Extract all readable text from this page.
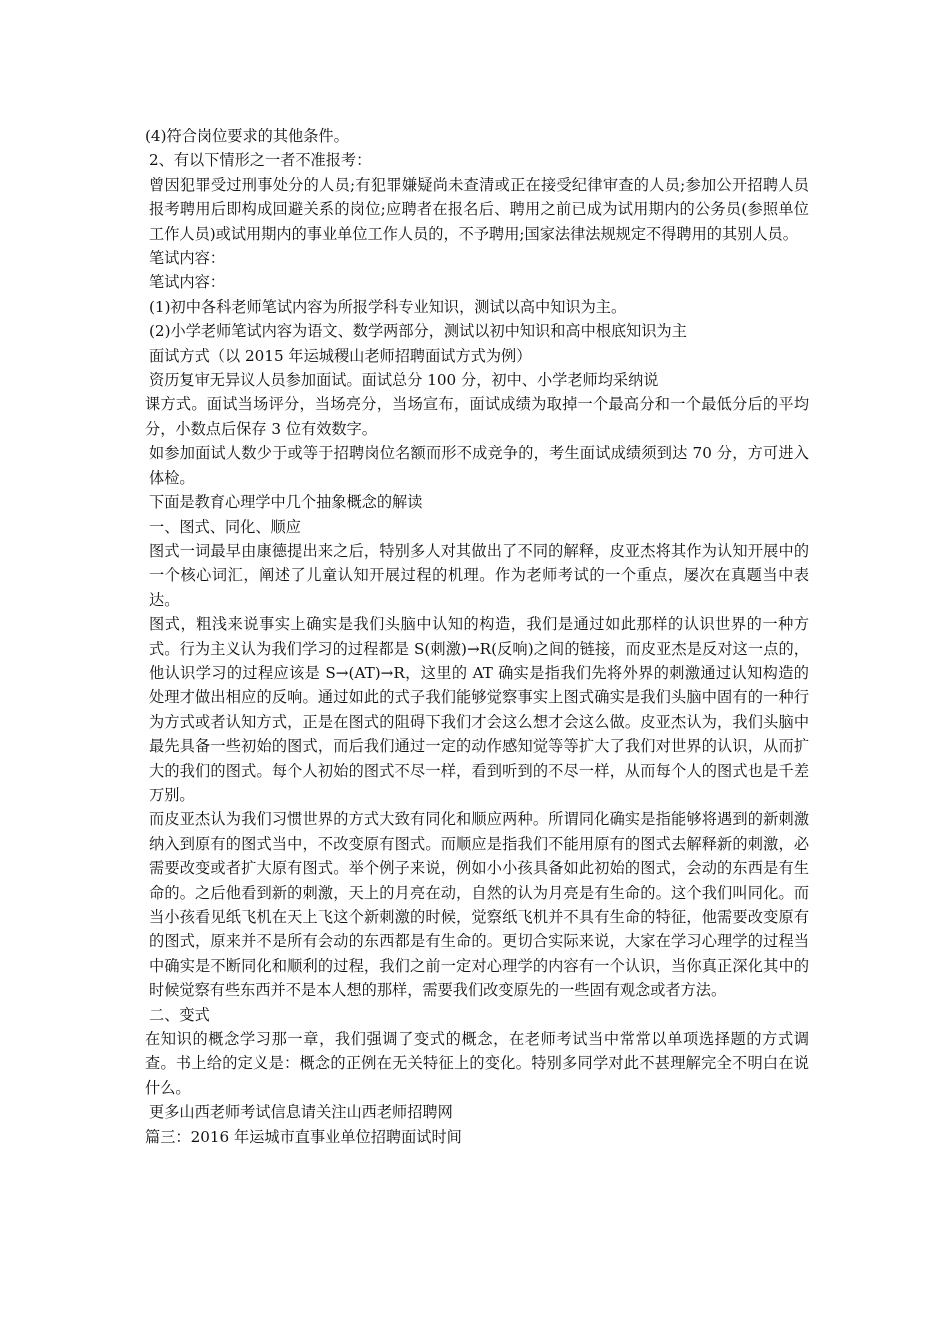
(4)符合岗位要求的其他条件。

2、有以下情形之一者不准报考：

曾因犯罪受过刑事处分的人员;有犯罪嫌疑尚未查清或正在接受纪律审查的人员;参加公开招聘人员报考聘用后即构成回避关系的岗位;应聘者在报名后、聘用之前已成为试用期内的公务员(参照单位工作人员)或试用期内的事业单位工作人员的，不予聘用;国家法律法规规定不得聘用的其别人员。

笔试内容：

笔试内容：

(1)初中各科老师笔试内容为所报学科专业知识，测试以高中知识为主。

(2)小学老师笔试内容为语文、数学两部分，测试以初中知识和高中根底知识为主

面试方式（以 2015 年运城稷山老师招聘面试方式为例）

资历复审无异议人员参加面试。面试总分 100 分，初中、小学老师均采纳说

课方式。面试当场评分，当场亮分，当场宣布，面试成绩为取掉一个最高分和一个最低分后的平均分，小数点后保存 3 位有效数字。

如参加面试人数少于或等于招聘岗位名额而形不成竞争的，考生面试成绩须到达 70 分，方可进入体检。

下面是教育心理学中几个抽象概念的解读

一、图式、同化、顺应

图式一词最早由康德提出来之后，特别多人对其做出了不同的解释，皮亚杰将其作为认知开展中的一个核心词汇，阐述了儿童认知开展过程的机理。作为老师考试的一个重点，屡次在真题当中表达。

图式，粗浅来说事实上确实是我们头脑中认知的构造，我们是通过如此那样的认识世界的一种方式。行为主义认为我们学习的过程都是 S(刺激)→R(反响)之间的链接，而皮亚杰是反对这一点的，他认识学习的过程应该是 S→(AT)→R，这里的 AT 确实是指我们先将外界的刺激通过认知构造的处理才做出相应的反响。通过如此的式子我们能够觉察事实上图式确实是我们头脑中固有的一种行为方式或者认知方式，正是在图式的阻碍下我们才会这么想才会这么做。皮亚杰认为，我们头脑中最先具备一些初始的图式，而后我们通过一定的动作感知觉等等扩大了我们对世界的认识，从而扩大的我们的图式。每个人初始的图式不尽一样，看到听到的不尽一样，从而每个人的图式也是千差万别。

而皮亚杰认为我们习惯世界的方式大致有同化和顺应两种。所谓同化确实是指能够将遇到的新刺激纳入到原有的图式当中，不改变原有图式。而顺应是指我们不能用原有的图式去解释新的刺激，必需要改变或者扩大原有图式。举个例子来说，例如小小孩具备如此初始的图式，会动的东西是有生命的。之后他看到新的刺激，天上的月亮在动，自然的认为月亮是有生命的。这个我们叫同化。而当小孩看见纸飞机在天上飞这个新刺激的时候，觉察纸飞机并不具有生命的特征，他需要改变原有的图式，原来并不是所有会动的东西都是有生命的。更切合实际来说，大家在学习心理学的过程当中确实是不断同化和顺利的过程，我们之前一定对心理学的内容有一个认识，当你真正深化其中的时候觉察有些东西并不是本人想的那样，需要我们改变原先的一些固有观念或者方法。

二、变式

在知识的概念学习那一章，我们强调了变式的概念，在老师考试当中常常以单项选择题的方式调查。书上给的定义是：概念的正例在无关特征上的变化。特别多同学对此不甚理解完全不明白在说什么。

更多山西老师考试信息请关注山西老师招聘网

篇三：2016 年运城市直事业单位招聘面试时间
